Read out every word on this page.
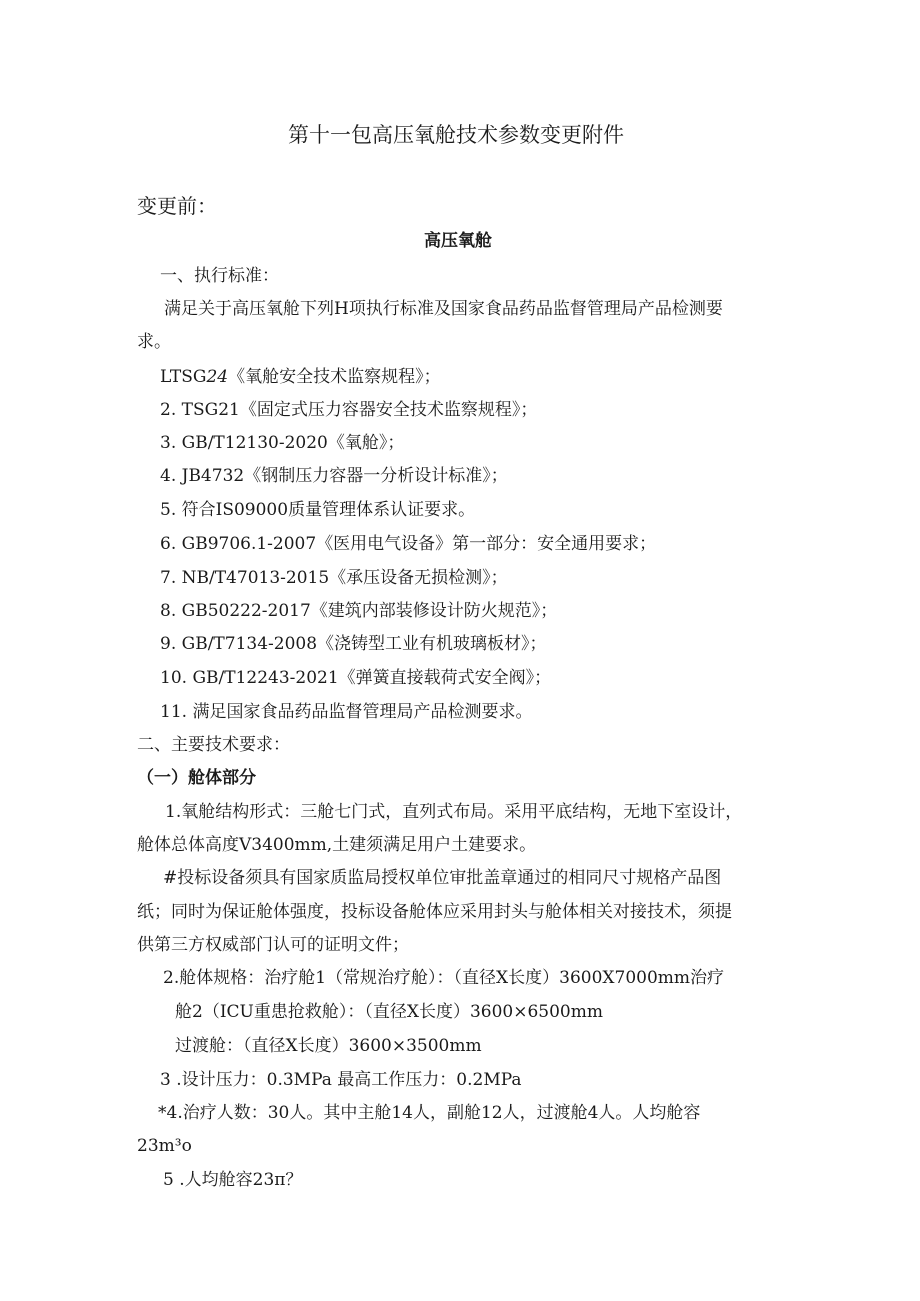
第十一包高压氧舱技术参数变更附件
变更前：
高压氧舱
一、执行标准：
满足关于高压氧舱下列H项执行标准及国家食品药品监督管理局产品检测要
求。
LTSG24《氧舱安全技术监察规程》；
2. TSG21《固定式压力容器安全技术监察规程》；
3. GB/T12130-2020《氧舱》；
4. JB4732《钢制压力容器一分析设计标准》；
5. 符合IS09000质量管理体系认证要求。
6. GB9706.1-2007《医用电气设备》第一部分：安全通用要求；
7. NB/T47013-2015《承压设备无损检测》；
8. GB50222-2017《建筑内部装修设计防火规范》；
9. GB/T7134-2008《浇铸型工业有机玻璃板材》；
10. GB/T12243-2021《弹簧直接载荷式安全阀》；
11. 满足国家食品药品监督管理局产品检测要求。
二、主要技术要求：
（一）舱体部分
1.氧舱结构形式：三舱七门式，直列式布局。采用平底结构，无地下室设计，
舱体总体高度V3400mm,土建须满足用户土建要求。
#投标设备须具有国家质监局授权单位审批盖章通过的相同尺寸规格产品图
纸；同时为保证舱体强度，投标设备舱体应采用封头与舱体相关对接技术，须提
供第三方权威部门认可的证明文件；
2.舱体规格：治疗舱1（常规治疗舱）：（直径X长度）3600X7000mm治疗
舱2（ICU重患抢救舱）：（直径X长度）3600×6500mm
过渡舱：（直径X长度）3600×3500mm
3 .设计压力：0.3MPa 最高工作压力：0.2MPa
*4.治疗人数：30人。其中主舱14人，副舱12人，过渡舱4人。人均舱容
23m³o
5 .人均舱容23π？
